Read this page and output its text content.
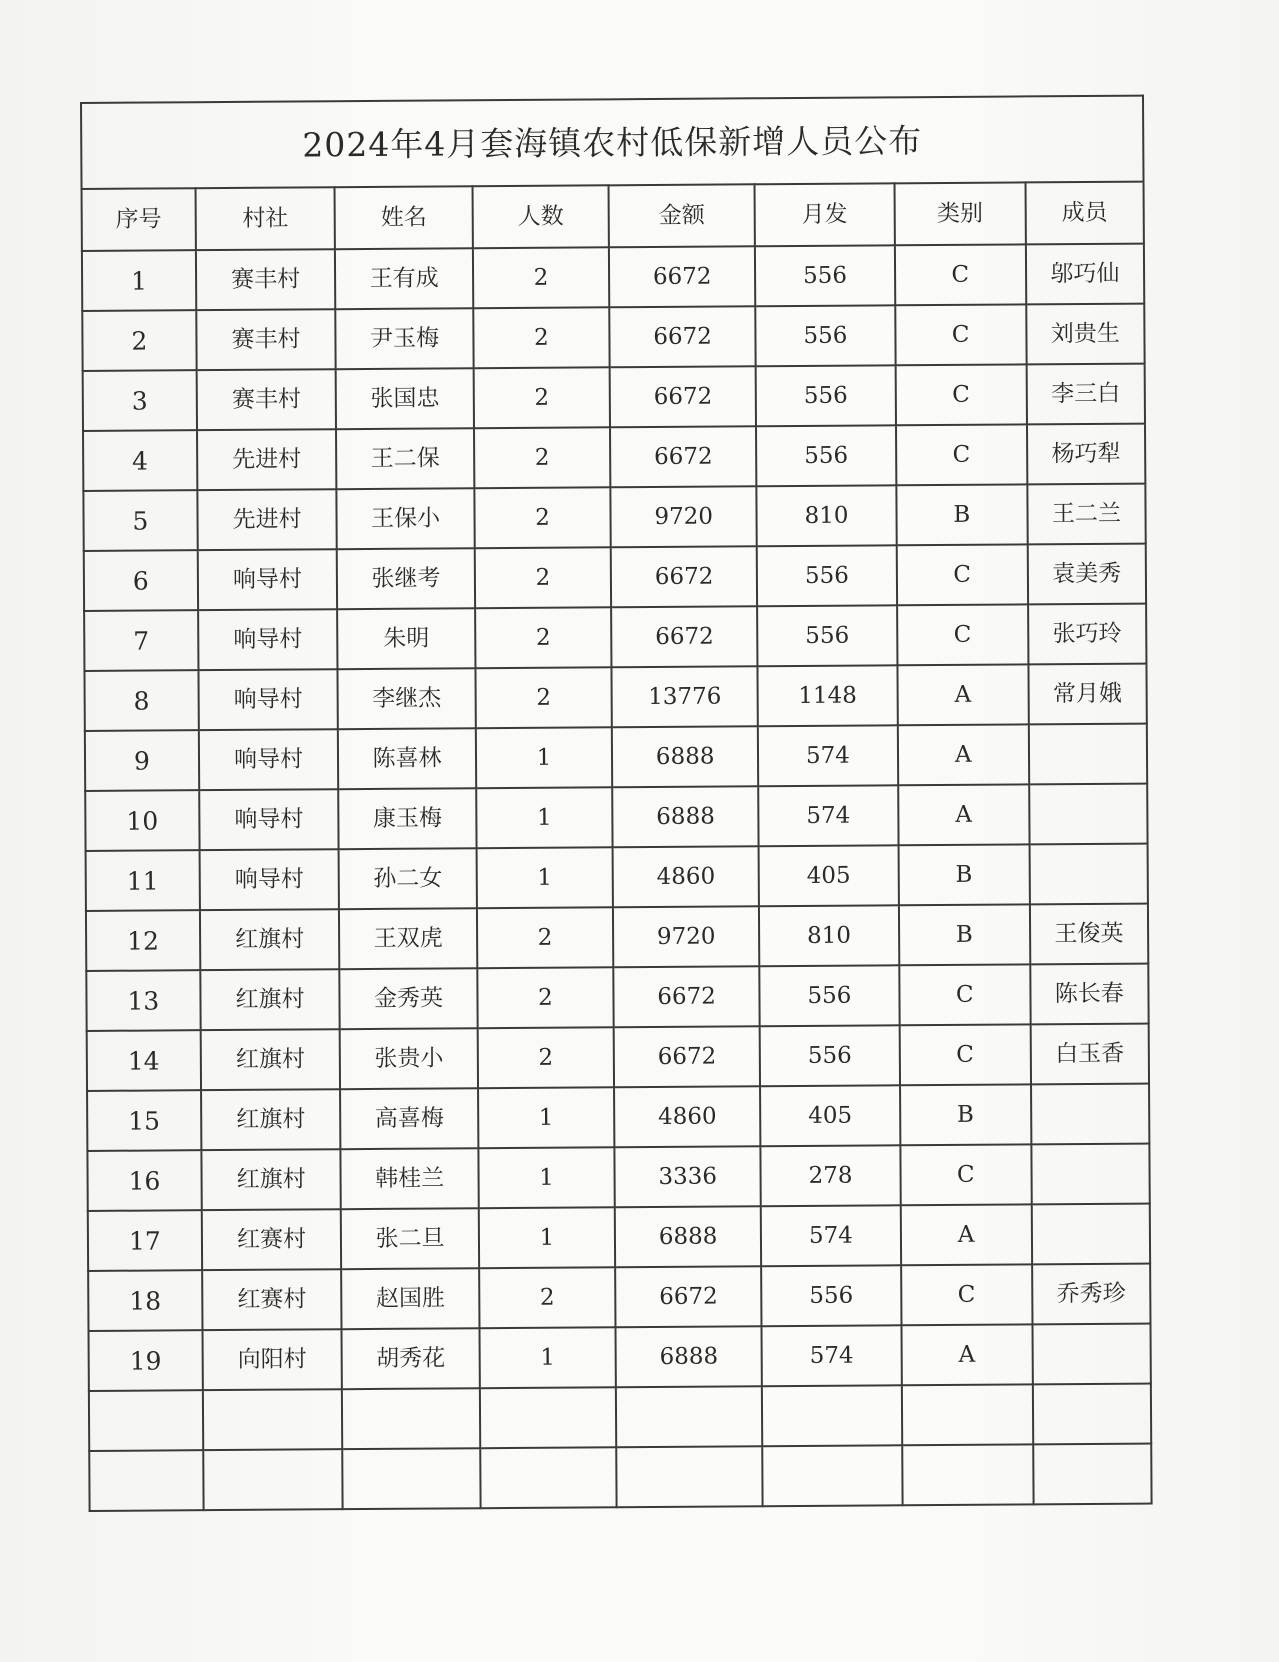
2024年4月套海镇农村低保新增人员公布							
序号	村社	姓名	人数	金额	月发	类别	成员
1	赛丰村	王有成	2	6672	556	C	邬巧仙
2	赛丰村	尹玉梅	2	6672	556	C	刘贵生
3	赛丰村	张国忠	2	6672	556	C	李三白
4	先进村	王二保	2	6672	556	C	杨巧犁
5	先进村	王保小	2	9720	810	B	王二兰
6	响导村	张继考	2	6672	556	C	袁美秀
7	响导村	朱明	2	6672	556	C	张巧玲
8	响导村	李继杰	2	13776	1148	A	常月娥
9	响导村	陈喜林	1	6888	574	A	
10	响导村	康玉梅	1	6888	574	A	
11	响导村	孙二女	1	4860	405	B	
12	红旗村	王双虎	2	9720	810	B	王俊英
13	红旗村	金秀英	2	6672	556	C	陈长春
14	红旗村	张贵小	2	6672	556	C	白玉香
15	红旗村	高喜梅	1	4860	405	B	
16	红旗村	韩桂兰	1	3336	278	C	
17	红赛村	张二旦	1	6888	574	A	
18	红赛村	赵国胜	2	6672	556	C	乔秀珍
19	向阳村	胡秀花	1	6888	574	A	
